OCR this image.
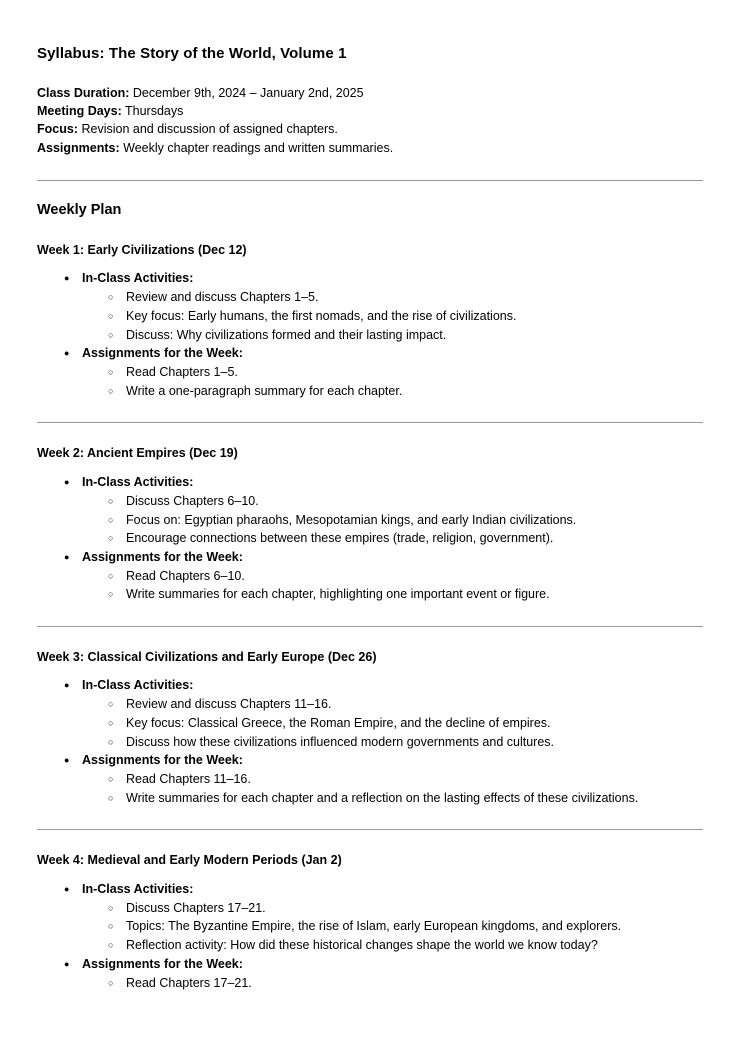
Syllabus: The Story of the World, Volume 1

Class Duration: December 9th, 2024 – January 2nd, 2025

Meeting Days: Thursdays

Focus: Revision and discussion of assigned chapters.

Assignments: Weekly chapter readings and written summaries.

Weekly Plan
Week 1: Early Civilizations (Dec 12)
● In-Class Activities:
○ Review and discuss Chapters 1–5.
○ Key focus: Early humans, the first nomads, and the rise of civilizations.
○ Discuss: Why civilizations formed and their lasting impact.
● Assignments for the Week:
○ Read Chapters 1–5.
○ Write a one-paragraph summary for each chapter.
Week 2: Ancient Empires (Dec 19)
● In-Class Activities:
○ Discuss Chapters 6–10.
○ Focus on: Egyptian pharaohs, Mesopotamian kings, and early Indian civilizations.
○ Encourage connections between these empires (trade, religion, government).
● Assignments for the Week:
○ Read Chapters 6–10.
○ Write summaries for each chapter, highlighting one important event or figure.
Week 3: Classical Civilizations and Early Europe (Dec 26)
● In-Class Activities:
○ Review and discuss Chapters 11–16.
○ Key focus: Classical Greece, the Roman Empire, and the decline of empires.
○ Discuss how these civilizations influenced modern governments and cultures.
● Assignments for the Week:
○ Read Chapters 11–16.
○ Write summaries for each chapter and a reflection on the lasting effects of these civilizations.
Week 4: Medieval and Early Modern Periods (Jan 2)
● In-Class Activities:
○ Discuss Chapters 17–21.
○ Topics: The Byzantine Empire, the rise of Islam, early European kingdoms, and explorers.
○ Reflection activity: How did these historical changes shape the world we know today?
● Assignments for the Week:
○ Read Chapters 17–21.
